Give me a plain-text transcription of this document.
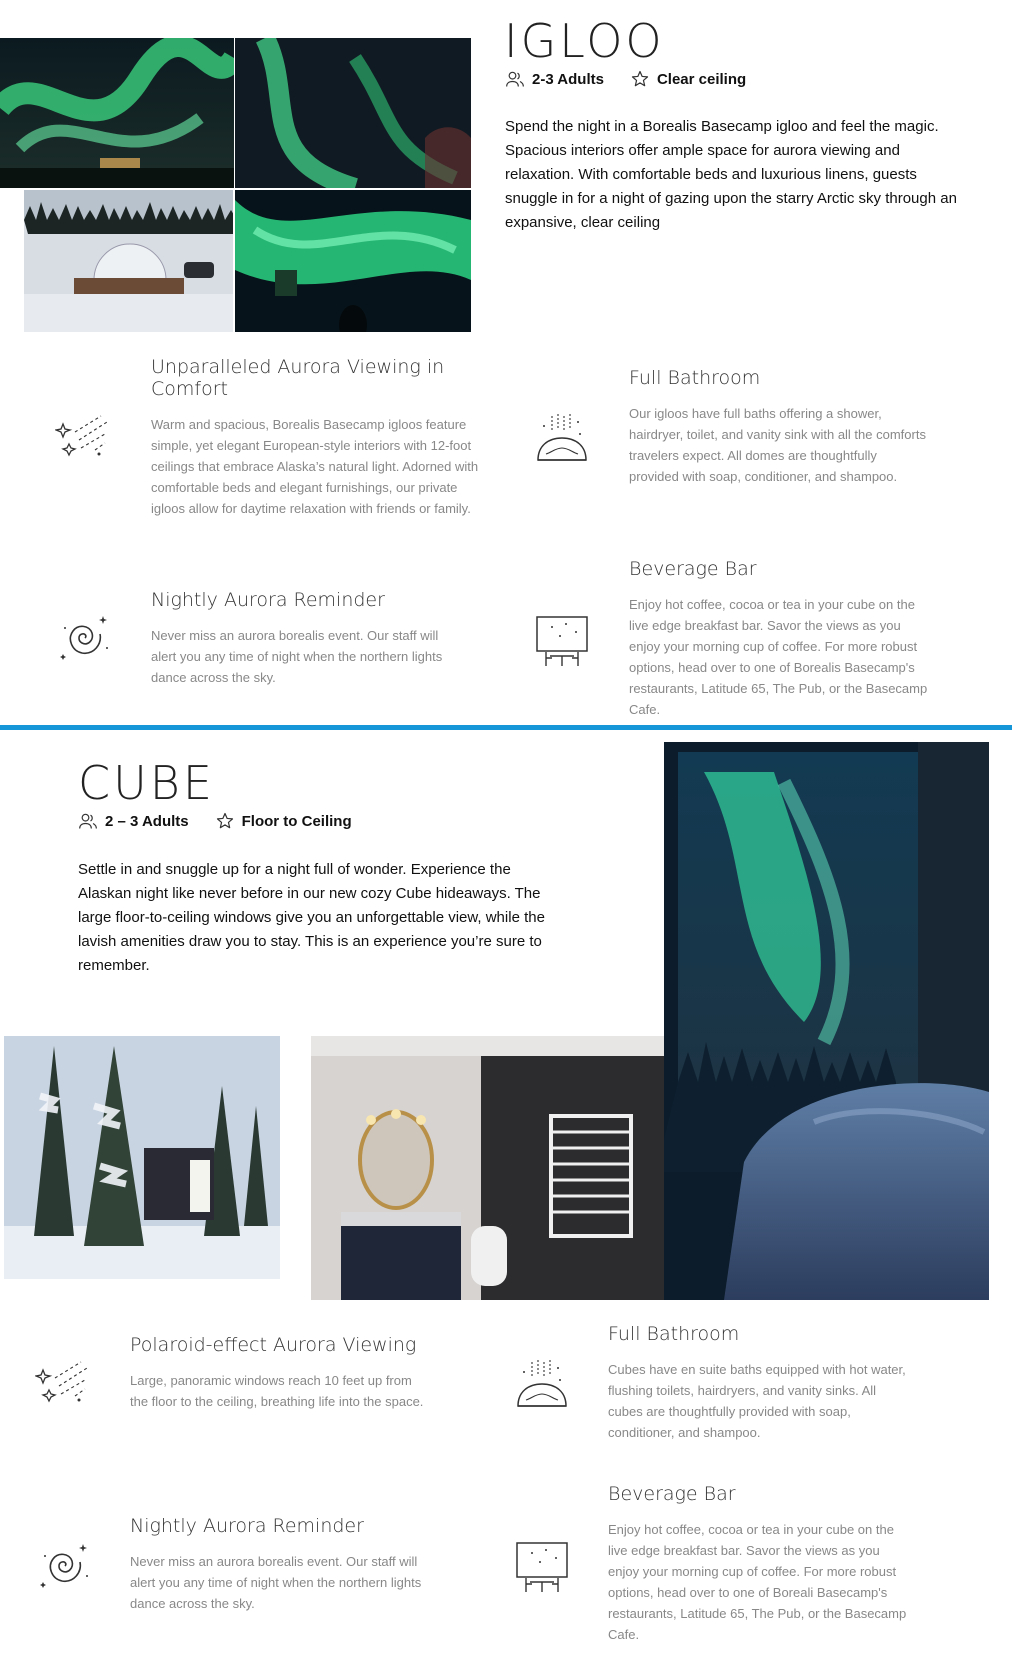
IGLOO
2-3 Adults	Clear ceiling

Spend the night in a Borealis Basecamp igloo and feel the magic. Spacious interiors offer ample space for aurora viewing and relaxation. With comfortable beds and luxurious linens, guests snuggle in for a night of gazing upon the starry Arctic sky through an expansive, clear ceiling

Unparalleled Aurora Viewing in Comfort

Warm and spacious, Borealis Basecamp igloos feature simple, yet elegant European-style interiors with 12-foot ceilings that embrace Alaska’s natural light. Adorned with comfortable beds and elegant furnishings, our private igloos allow for daytime relaxation with friends or family.

Full Bathroom

Our igloos have full baths offering a shower, hairdryer, toilet, and vanity sink with all the comforts travelers expect. All domes are thoughtfully provided with soap, conditioner, and shampoo.

Nightly Aurora Reminder

Never miss an aurora borealis event. Our staff will alert you any time of night when the northern lights dance across the sky.

Beverage Bar

Enjoy hot coffee, cocoa or tea in your cube on the live edge breakfast bar. Savor the views as you enjoy your morning cup of coffee. For more robust options, head over to one of Borealis Basecamp's restaurants, Latitude 65, The Pub, or the Basecamp Cafe.

CUBE
2 – 3 Adults	Floor to Ceiling

Settle in and snuggle up for a night full of wonder. Experience the Alaskan night like never before in our new cozy Cube hideaways. The large floor-to-ceiling windows give you an unforgettable view, while the lavish amenities draw you to stay. This is an experience you’re sure to remember.

Polaroid-effect Aurora Viewing

Large, panoramic windows reach 10 feet up from the floor to the ceiling, breathing life into the space.

Full Bathroom

Cubes have en suite baths equipped with hot water, flushing toilets, hairdryers, and vanity sinks. All cubes are thoughtfully provided with soap, conditioner, and shampoo.

Nightly Aurora Reminder

Never miss an aurora borealis event. Our staff will alert you any time of night when the northern lights dance across the sky.

Beverage Bar

Enjoy hot coffee, cocoa or tea in your cube on the live edge breakfast bar. Savor the views as you enjoy your morning cup of coffee. For more robust options, head over to one of Boreali Basecamp's restaurants, Latitude 65, The Pub, or the Basecamp Cafe.
